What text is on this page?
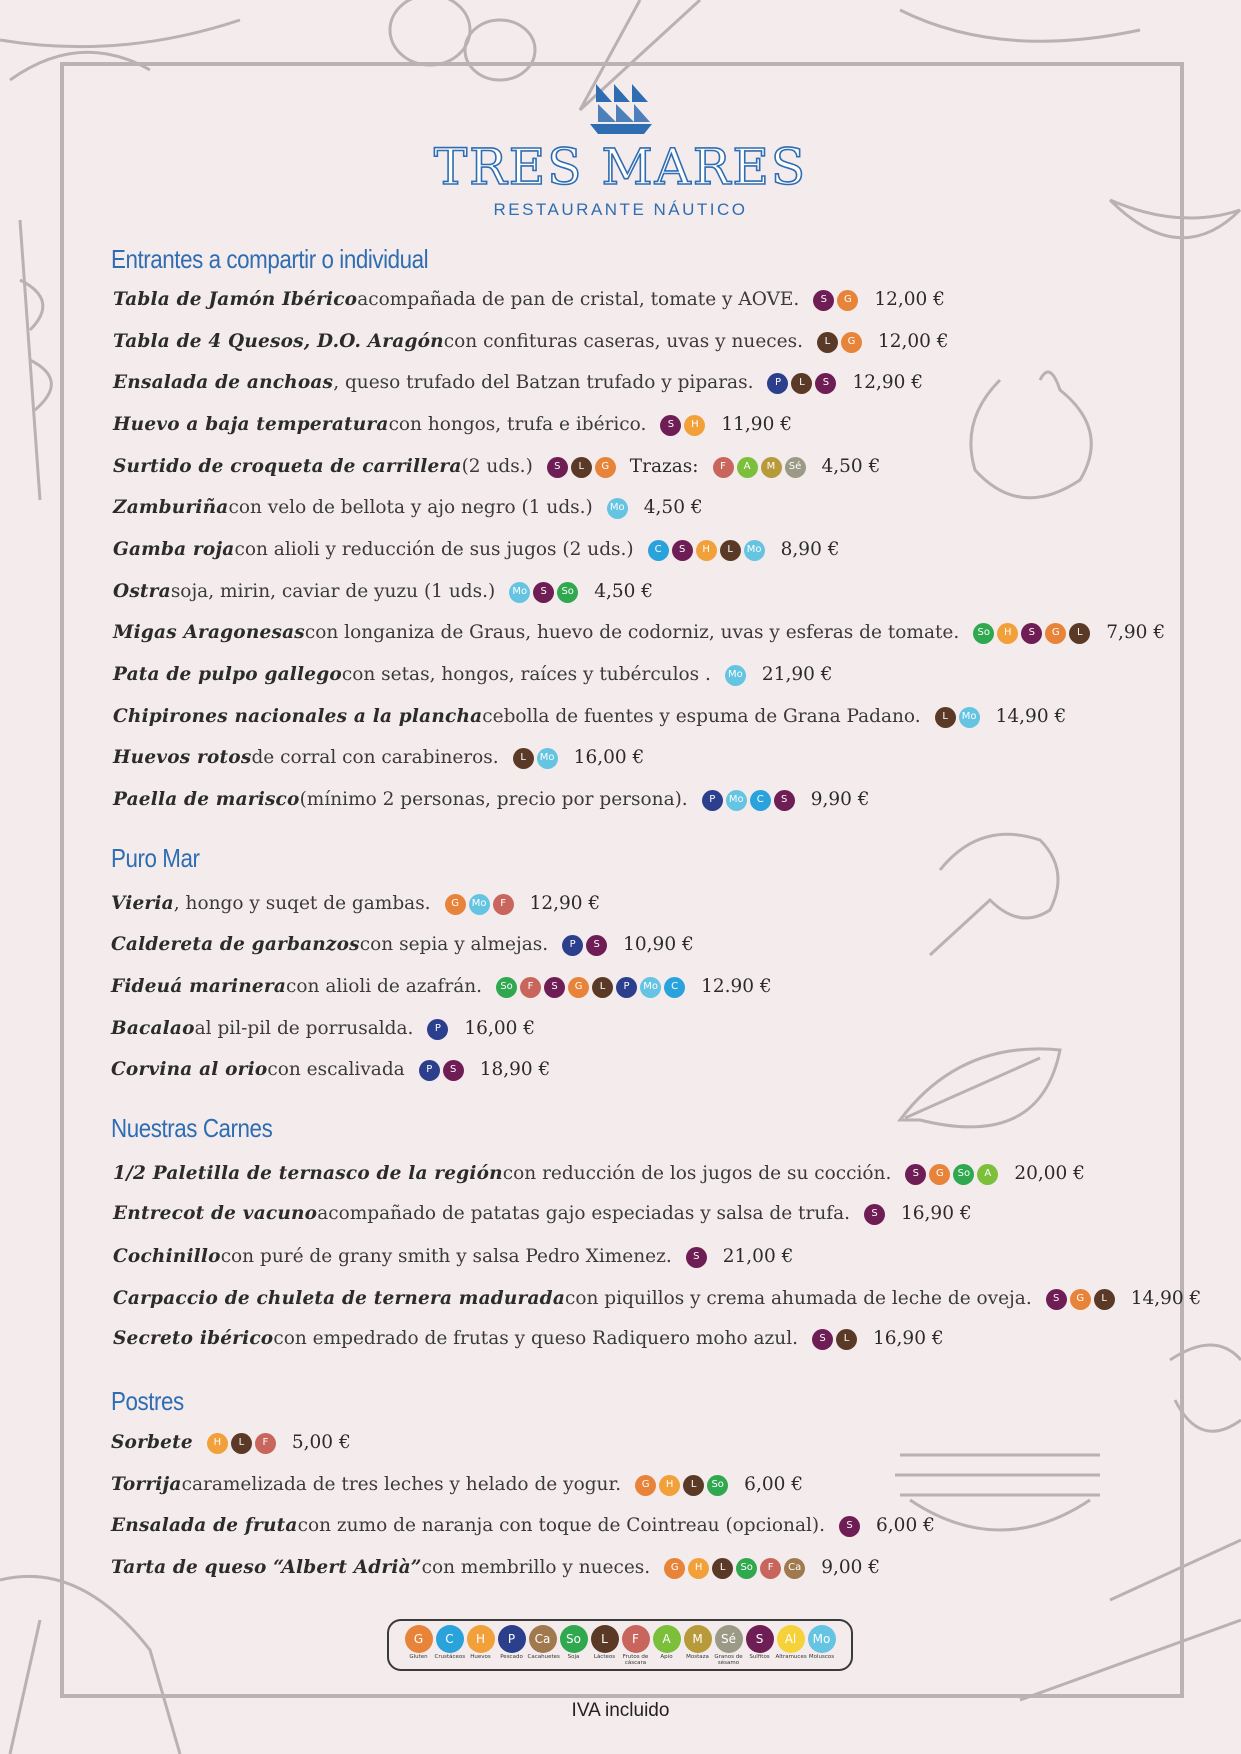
TRES MARES
RESTAURANTE NÁUTICO
Entrantes a compartir o individual
Tabla de Jamón Ibérico acompañada de pan de cristal, tomate y AOVE.	S	G	12,00 €
Tabla de 4 Quesos, D.O. Aragón con confituras caseras, uvas y nueces.	L	G	12,00 €
Ensalada de anchoas , queso trufado del Batzan trufado y piparas.	P	L	S	12,90 €
Huevo a baja temperatura con hongos, trufa e ibérico.	S	H	11,90 €
Surtido de croqueta de carrillera (2 uds.)	S	L	G	Trazas:	F	A	M	Sé 4,50 €
Zamburiña con velo de bellota y ajo negro (1 uds.)	Mo 4,50 €
Gamba roja con alioli y reducción de sus jugos (2 uds.)	C	S	H	L	Mo 8,90 €
Ostra soja, mirin, caviar de yuzu (1 uds.)	Mo	S	So 4,50 €
Migas Aragonesas con longaniza de Graus, huevo de codorniz, uvas y esferas de tomate.	So	H	S	G	L	7,90 €
Pata de pulpo gallego con setas, hongos, raíces y tubérculos .	Mo 21,90 €
Chipirones nacionales a la plancha cebolla de fuentes y espuma de Grana Padano.	L	Mo 14,90 €
Huevos rotos de corral con carabineros.	L	Mo 16,00 €
Paella de marisco (mínimo 2 personas, precio por persona).	P	Mo	C	S	9,90 €
Puro Mar
Vieria , hongo y suqet de gambas.	G	Mo	F	12,90 €
Caldereta de garbanzos con sepia y almejas.	P	S	10,90 €
Fideuá marinera con alioli de azafrán.	So	F	S	G	L	P	Mo	C	12.90 €
Bacalao al pil-pil de porrusalda.	P	16,00 €
Corvina al orio con escalivada	P	S	18,90 €
Nuestras Carnes
1/2 Paletilla de ternasco de la región con reducción de los jugos de su cocción.	S	G	So	A	20,00 €
Entrecot de vacuno acompañado de patatas gajo especiadas y salsa de trufa.	S	16,90 €
Cochinillo con puré de grany smith y salsa Pedro Ximenez.	S	21,00 €
Carpaccio de chuleta de ternera madurada con piquillos y crema ahumada de leche de oveja.	S	G	L	14,90 €
Secreto ibérico con empedrado de frutas y queso Radiquero moho azul.	S	L	16,90 €
Postres
Sorbete	H	L	F	5,00 €
Torrija caramelizada de tres leches y helado de yogur.	G	H	L	So 6,00 €
Ensalada de fruta con zumo de naranja con toque de Cointreau (opcional).	S	6,00 €
Tarta de queso “Albert Adrià” con membrillo y nueces.	G	H	L	So	F	Ca 9,00 €
G
Gluten
C
Crustáceos
H
Huevos
P
Pescado
Ca
Cacahuetes
So
Soja
L
Lácteos
F
Frutos de cáscara
A
Apio
M
Mostaza
Sé
Granos de sésamo
S
Sulfitos
Al
Altramuces
Mo
Moluscos
IVA incluido
